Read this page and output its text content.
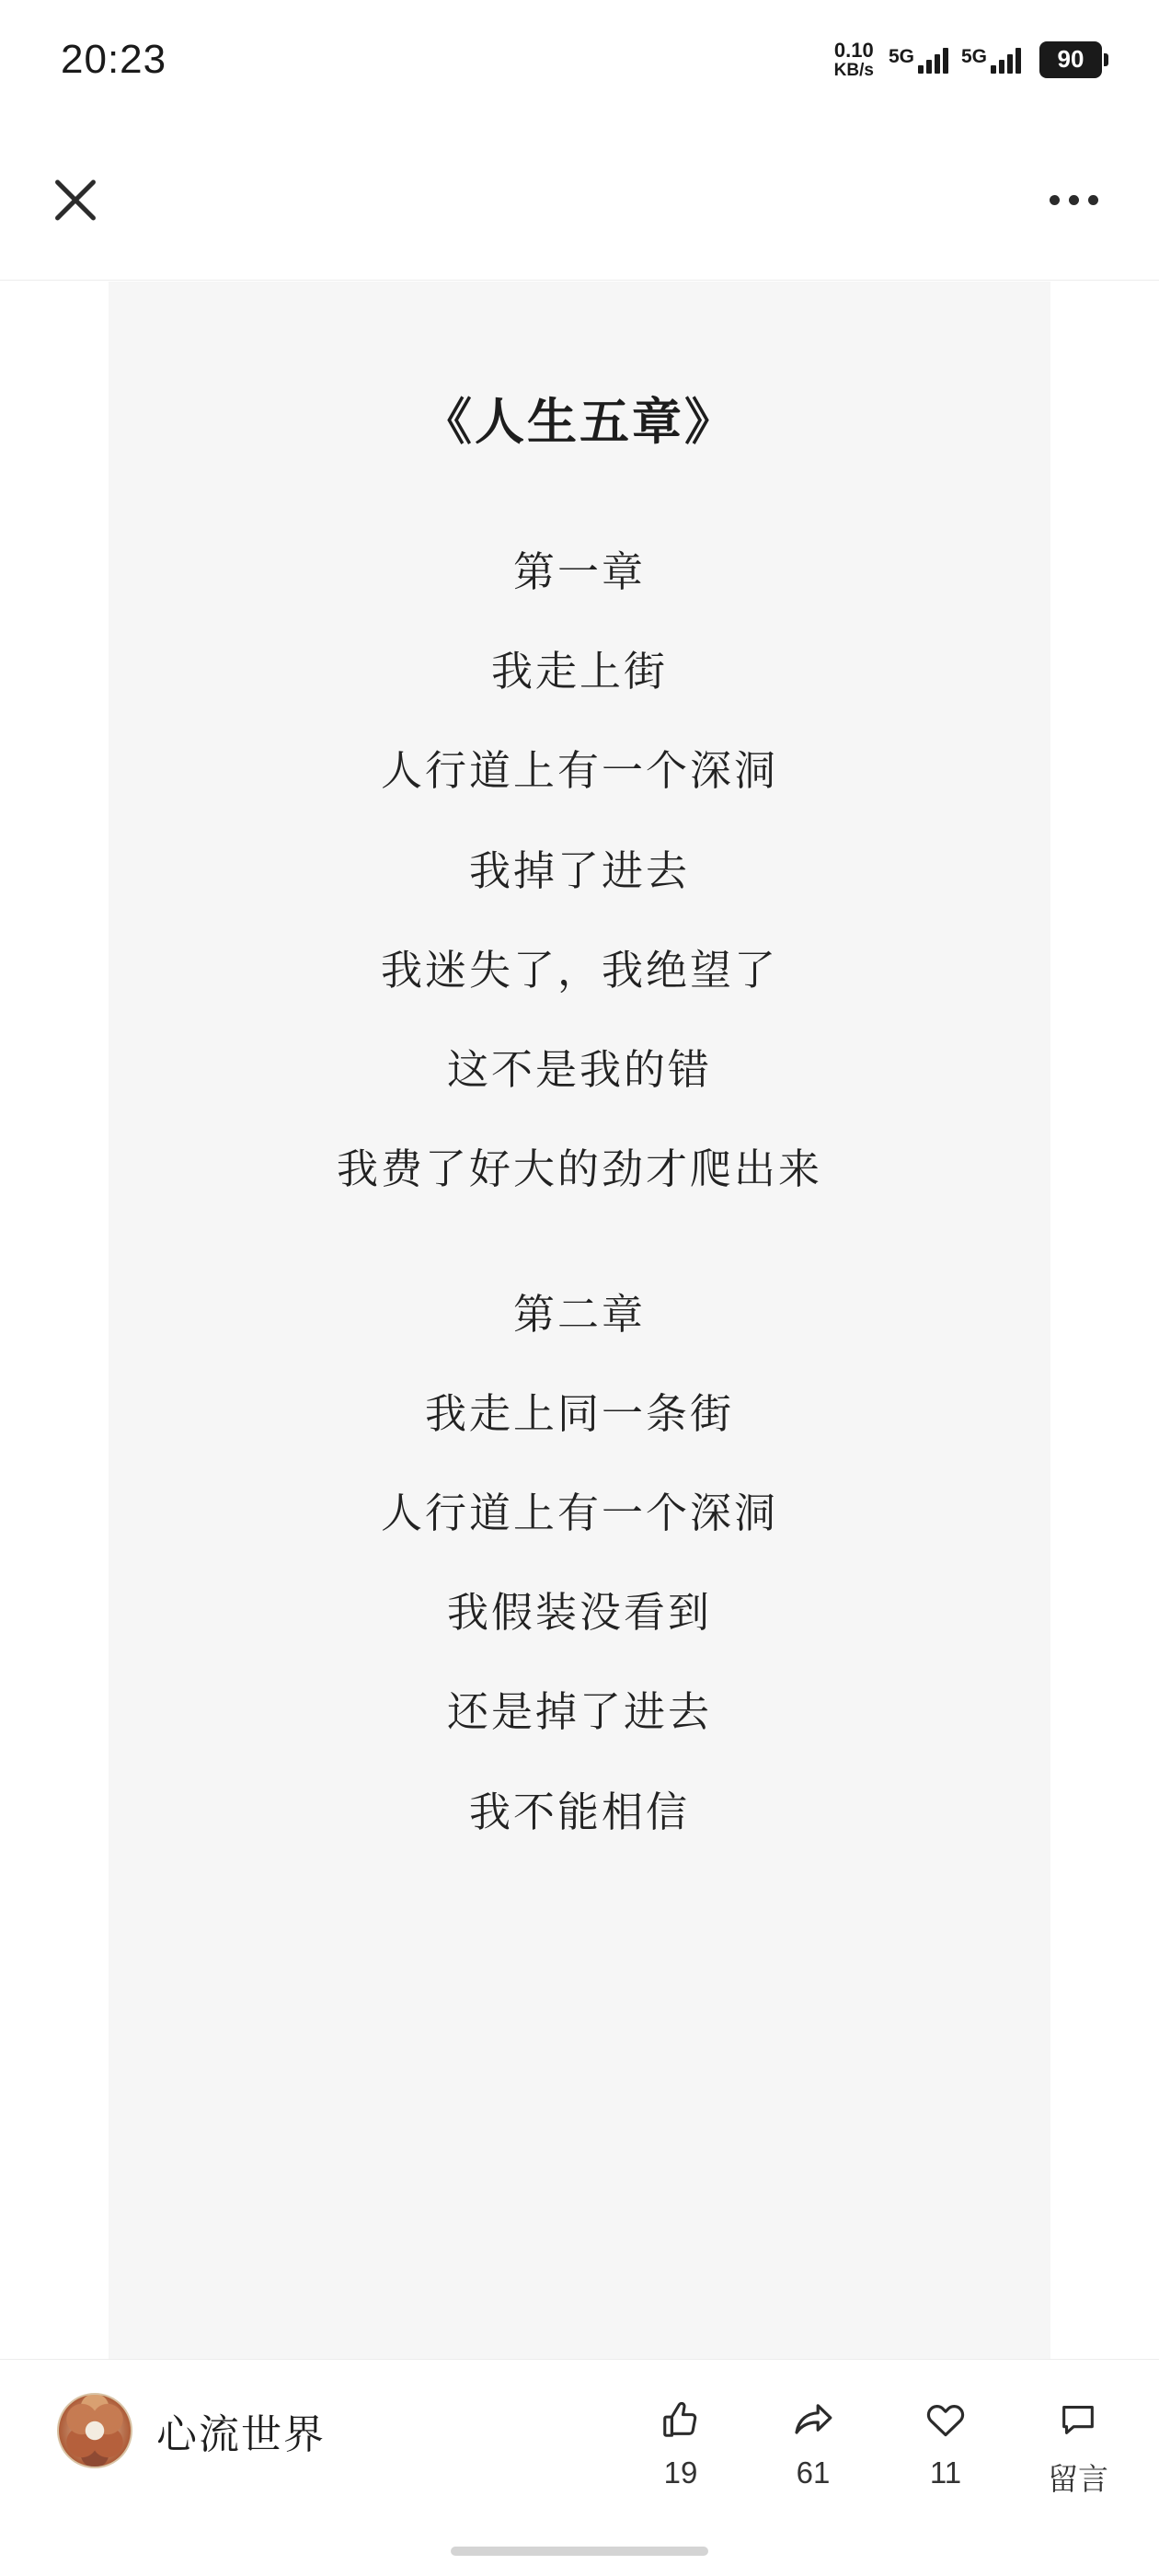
20:23	0.10
KB/s
5G 5G	90
《人生五章》
第一章
我走上街
人行道上有一个深洞
我掉了进去
我迷失了，我绝望了
这不是我的错
我费了好大的劲才爬出来
第二章
我走上同一条街
人行道上有一个深洞
我假装没看到
还是掉了进去
我不能相信
心流世界
19	61	11	留言
